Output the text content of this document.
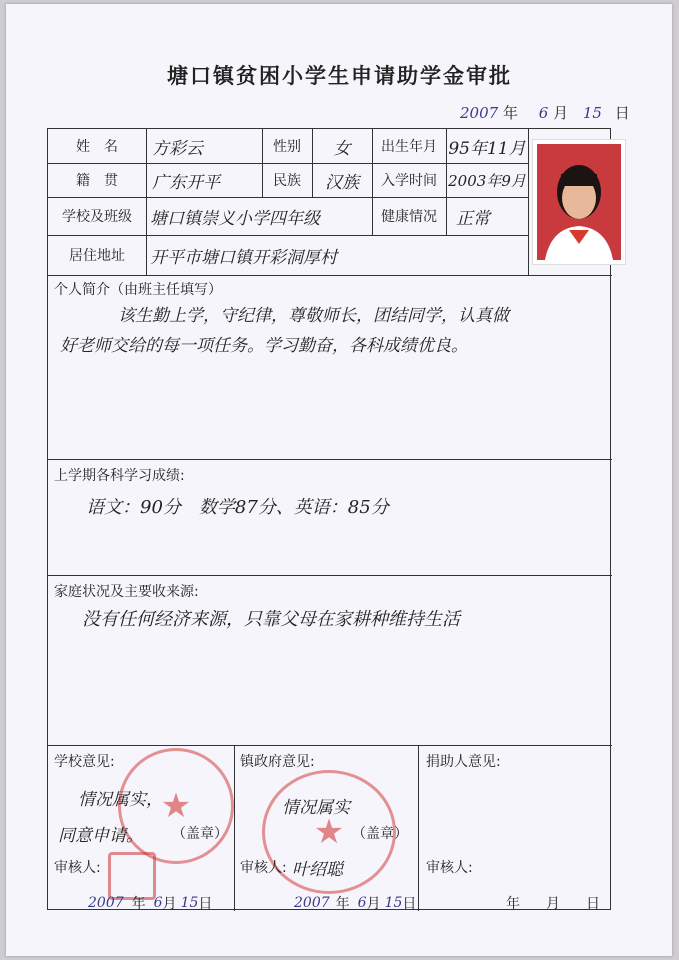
塘口镇贫困小学生申请助学金审批
2007 年 6 月 15 日
姓　名	方彩云	性别	女	出生年月 95年11月
籍　贯	广东开平	民族	汉族	入学时间 2003年9月
学校及班级	塘口镇崇义小学四年级	健康情况	正常
居住地址	开平市塘口镇开彩洞厚村
个人简介（由班主任填写）
该生勤上学，守纪律，尊敬师长，团结同学，认真做
好老师交给的每一项任务。学习勤奋，各科成绩优良。
上学期各科学习成绩:
语文：90分　数学87分、英语：85分
家庭状况及主要收来源:
没有任何经济来源，只靠父母在家耕种维持生活
学校意见:
★
情况属实，
同意申请。 （盖章）
审核人:
2007 年 6 月 15 日
镇政府意见:
★
情况属实
（盖章）
审核人: 叶绍聪
2007 年 6 月 15 日
捐助人意见:
审核人:
年 月 日
